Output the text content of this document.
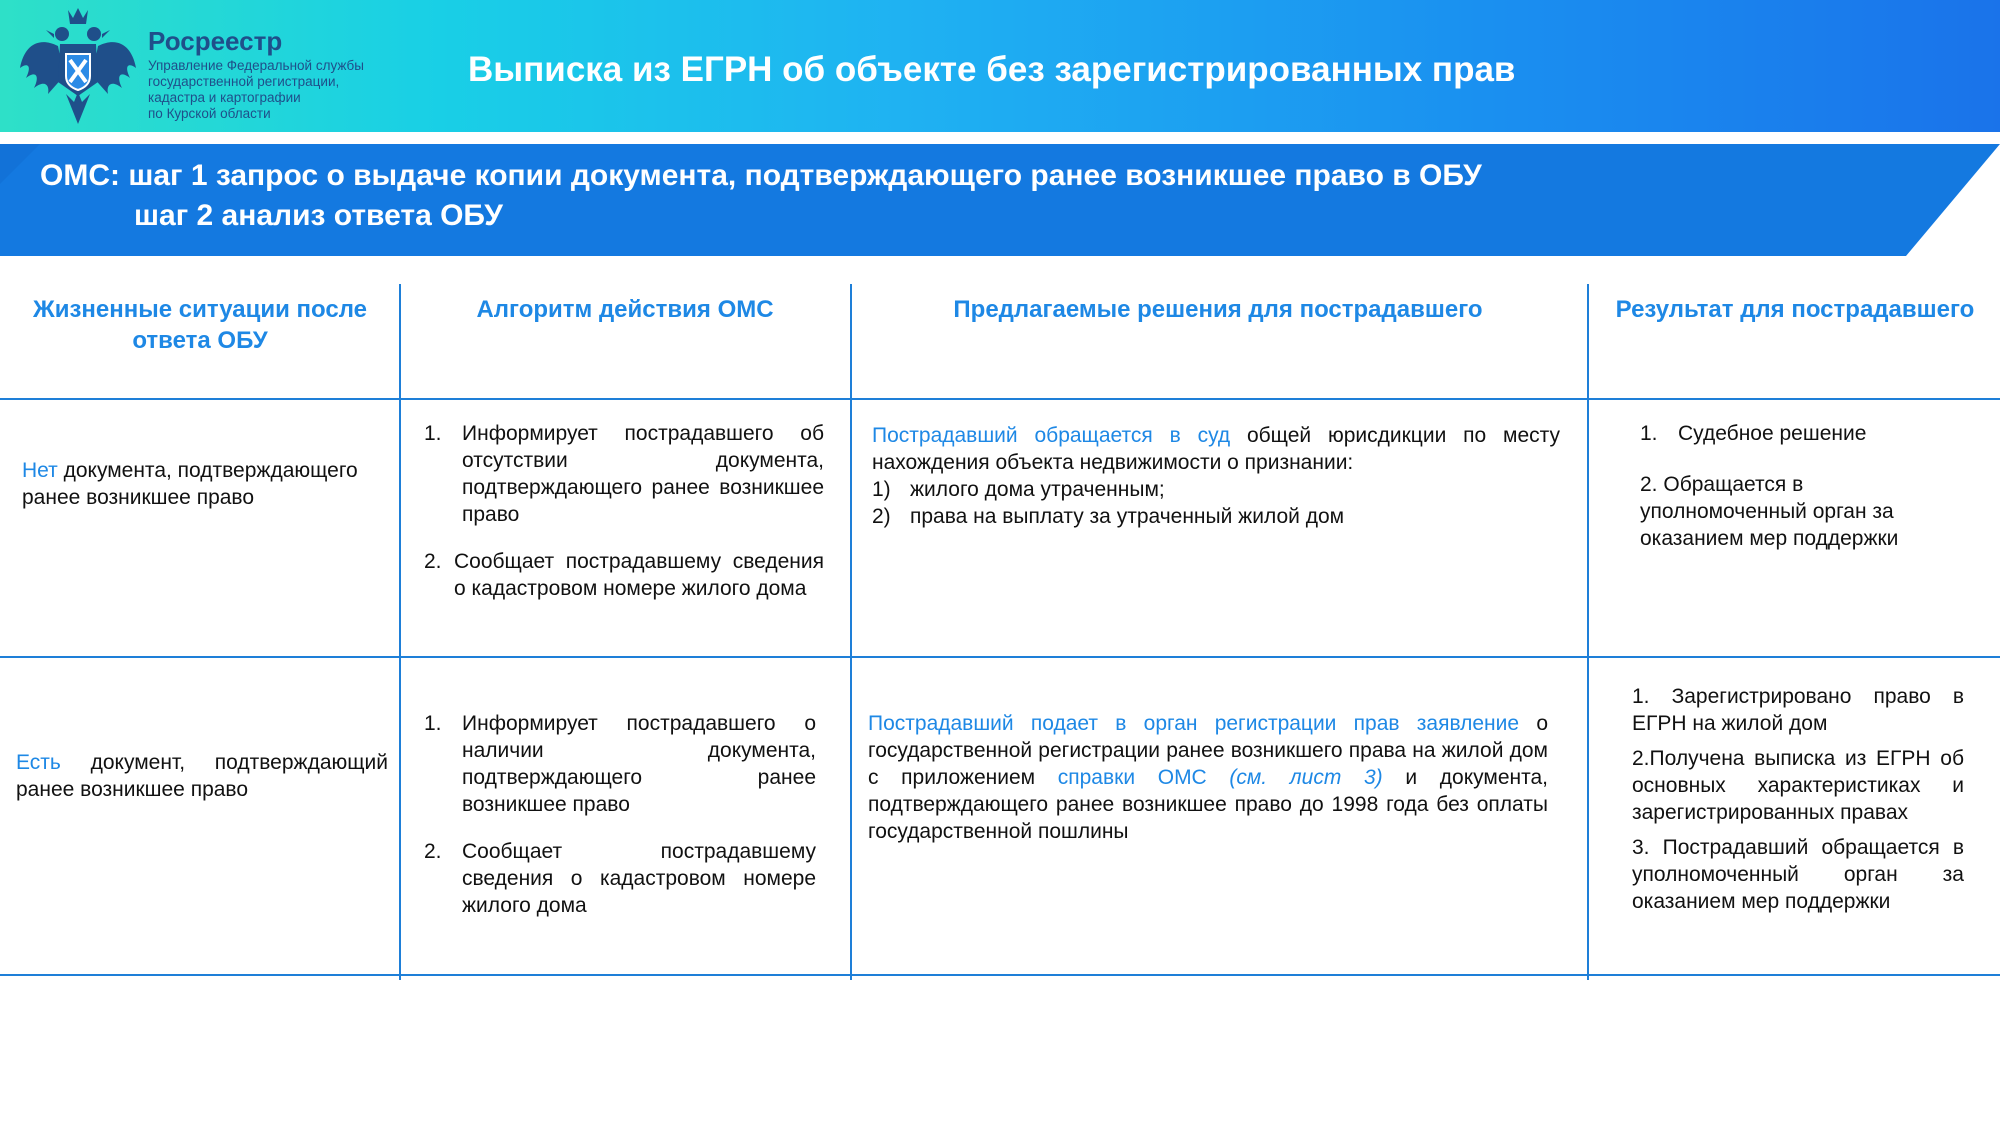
Росреестр
Управление Федеральной службы
государственной регистрации,
кадастра и картографии
по Курской области
Выписка из ЕГРН об объекте без зарегистрированных прав
ОМС: шаг 1 запрос о выдаче копии документа, подтверждающего ранее возникшее право в ОБУ
шаг 2 анализ ответа ОБУ
Жизненные ситуации после ответа ОБУ
Алгоритм действия ОМС	Предлагаемые решения для пострадавшего	Результат для пострадавшего
Нет документа, подтверждающего ранее возникшее право
1. Информирует пострадавшего об отсутствии документа, подтверждающего ранее возникшее право
2. Сообщает пострадавшему сведения о кадастровом номере жилого дома
Пострадавший обращается в суд общей юрисдикции по месту нахождения объекта недвижимости о признании:
1) жилого дома утраченным;
2) права на выплату за утраченный жилой дом
1. Судебное решение
2. Обращается в уполномоченный орган за оказанием мер поддержки
Есть документ, подтверждающий ранее возникшее право
1. Информирует пострадавшего о наличии документа, подтверждающего ранее возникшее право
2. Сообщает пострадавшему сведения о кадастровом номере жилого дома
Пострадавший подает в орган регистрации прав заявление о государственной регистрации ранее возникшего права на жилой дом с приложением справки ОМС (см. лист 3) и документа, подтверждающего ранее возникшее право до 1998 года без оплаты государственной пошлины
1. Зарегистрировано право в ЕГРН на жилой дом
2.Получена выписка из ЕГРН об основных характеристиках и зарегистрированных правах
3. Пострадавший обращается в уполномоченный орган за оказанием мер поддержки
